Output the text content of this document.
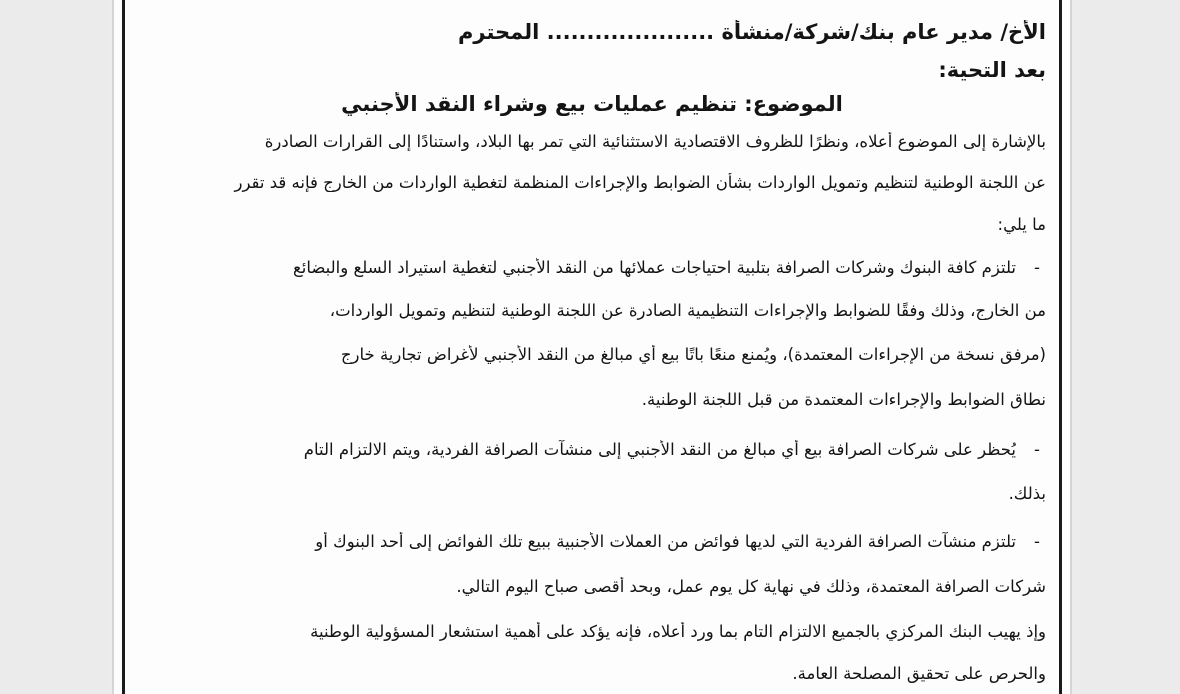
الأخ/ مدير عام بنك/شركة/منشأة ..................... المحترم
بعد التحية:
الموضوع: تنظيم عمليات بيع وشراء النقد الأجنبي
بالإشارة إلى الموضوع أعلاه، ونظرًا للظروف الاقتصادية الاستثنائية التي تمر بها البلاد، واستنادًا إلى القرارات الصادرة
عن اللجنة الوطنية لتنظيم وتمويل الواردات بشأن الضوابط والإجراءات المنظمة لتغطية الواردات من الخارج فإنه قد تقرر
ما يلي:
-
تلتزم كافة البنوك وشركات الصرافة بتلبية احتياجات عملائها من النقد الأجنبي لتغطية استيراد السلع والبضائع
من الخارج، وذلك وفقًا للضوابط والإجراءات التنظيمية الصادرة عن اللجنة الوطنية لتنظيم وتمويل الواردات،
(مرفق نسخة من الإجراءات المعتمدة)، ويُمنع منعًا باتًا بيع أي مبالغ من النقد الأجنبي لأغراض تجارية خارج
نطاق الضوابط والإجراءات المعتمدة من قبل اللجنة الوطنية.
-
يُحظر على شركات الصرافة بيع أي مبالغ من النقد الأجنبي إلى منشآت الصرافة الفردية، ويتم الالتزام التام
بذلك.
-
تلتزم منشآت الصرافة الفردية التي لديها فوائض من العملات الأجنبية ببيع تلك الفوائض إلى أحد البنوك أو
شركات الصرافة المعتمدة، وذلك في نهاية كل يوم عمل، وبحد أقصى صباح اليوم التالي.
وإذ يهيب البنك المركزي بالجميع الالتزام التام بما ورد أعلاه، فإنه يؤكد على أهمية استشعار المسؤولية الوطنية
والحرص على تحقيق المصلحة العامة.
